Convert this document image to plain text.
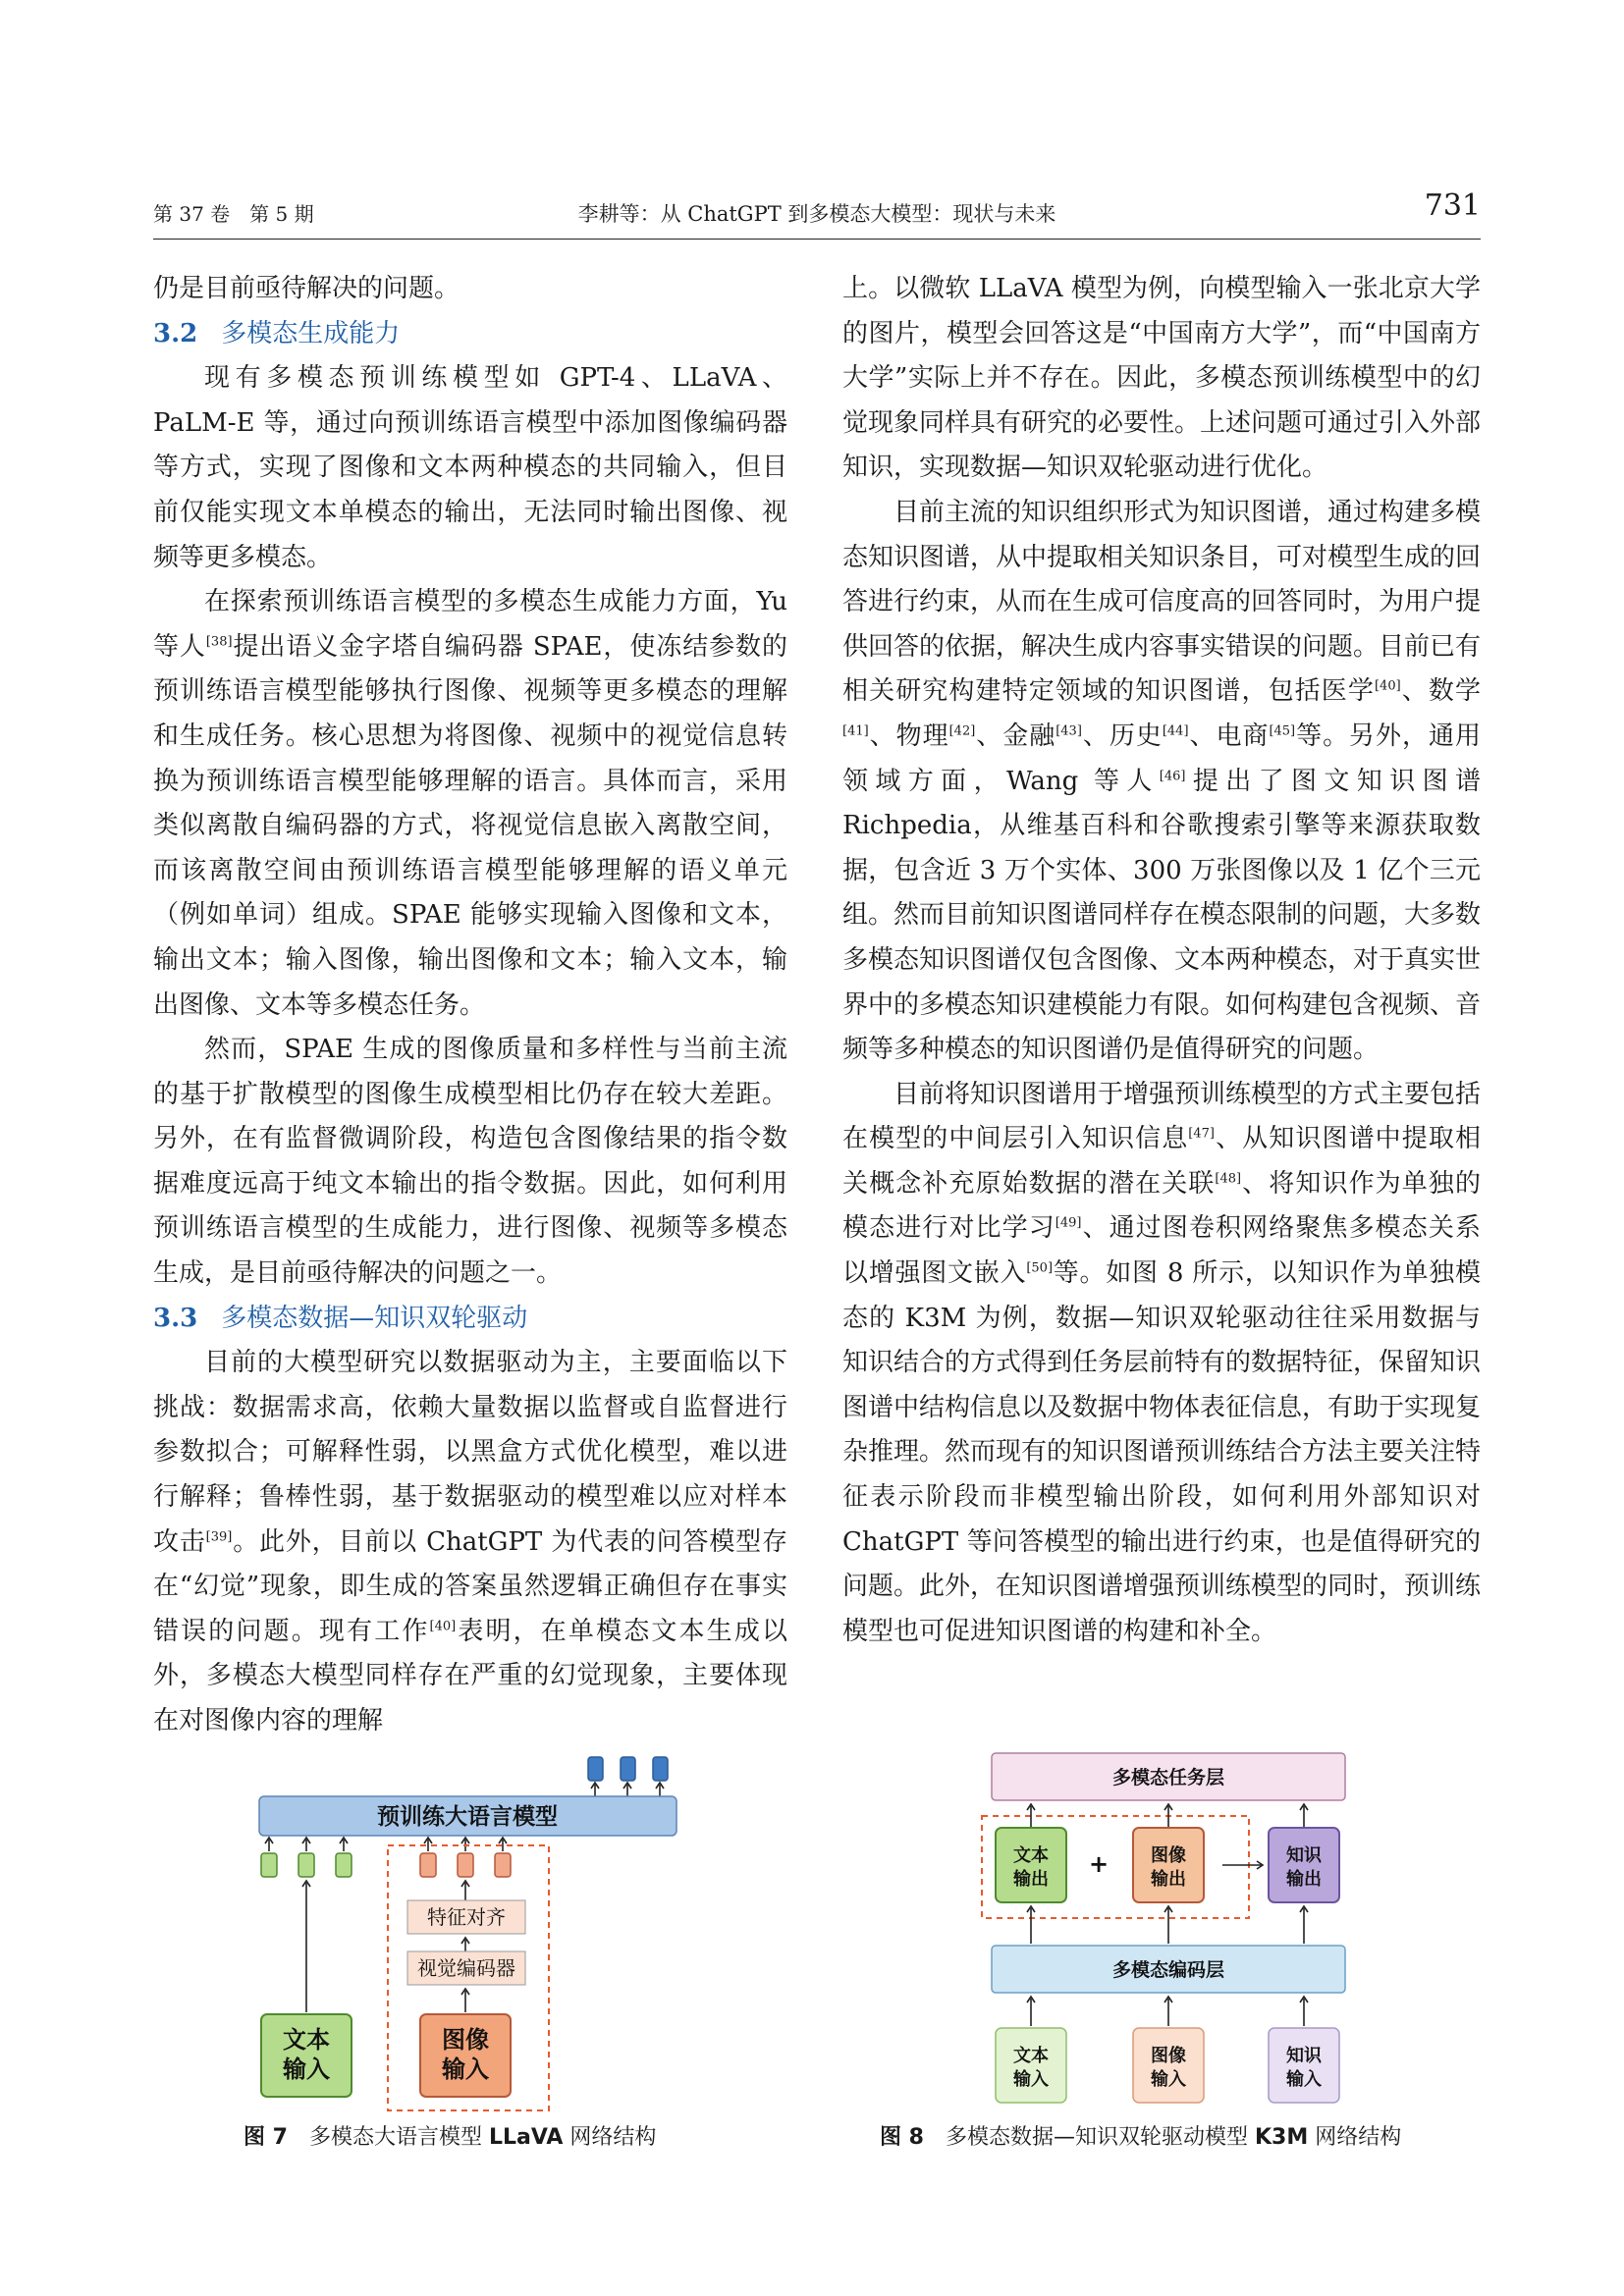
第 37 卷　第 5 期	李耕等：从 ChatGPT 到多模态大模型：现状与未来	731

仍是目前亟待解决的问题。

3.2 多模态生成能力

现有多模态预训练模型如 GPT-4、LLaVA、PaLM-E 等，通过向预训练语言模型中添加图像编码器等方式，实现了图像和文本两种模态的共同输入，但目前仅能实现文本单模态的输出，无法同时输出图像、视频等更多模态。

在探索预训练语言模型的多模态生成能力方面，Yu 等人[38]提出语义金字塔自编码器 SPAE，使冻结参数的预训练语言模型能够执行图像、视频等更多模态的理解和生成任务。核心思想为将图像、视频中的视觉信息转换为预训练语言模型能够理解的语言。具体而言，采用类似离散自编码器的方式，将视觉信息嵌入离散空间，而该离散空间由预训练语言模型能够理解的语义单元（例如单词）组成。SPAE 能够实现输入图像和文本，输出文本；输入图像，输出图像和文本；输入文本，输出图像、文本等多模态任务。

然而，SPAE 生成的图像质量和多样性与当前主流的基于扩散模型的图像生成模型相比仍存在较大差距。另外，在有监督微调阶段，构造包含图像结果的指令数据难度远高于纯文本输出的指令数据。因此，如何利用预训练语言模型的生成能力，进行图像、视频等多模态生成，是目前亟待解决的问题之一。

3.3 多模态数据—知识双轮驱动

目前的大模型研究以数据驱动为主，主要面临以下挑战：数据需求高，依赖大量数据以监督或自监督进行参数拟合；可解释性弱，以黑盒方式优化模型，难以进行解释；鲁棒性弱，基于数据驱动的模型难以应对样本攻击[39]。此外，目前以 ChatGPT 为代表的问答模型存在“幻觉”现象，即生成的答案虽然逻辑正确但存在事实错误的问题。现有工作[40]表明，在单模态文本生成以外，多模态大模型同样存在严重的幻觉现象，主要体现在对图像内容的理解

上。以微软 LLaVA 模型为例，向模型输入一张北京大学的图片，模型会回答这是“中国南方大学”，而“中国南方大学”实际上并不存在。因此，多模态预训练模型中的幻觉现象同样具有研究的必要性。上述问题可通过引入外部知识，实现数据—知识双轮驱动进行优化。

目前主流的知识组织形式为知识图谱，通过构建多模态知识图谱，从中提取相关知识条目，可对模型生成的回答进行约束，从而在生成可信度高的回答同时，为用户提供回答的依据，解决生成内容事实错误的问题。目前已有相关研究构建特定领域的知识图谱，包括医学[40]、数学[41]、物理[42]、金融[43]、历史[44]、电商[45]等。另外，通用领域方面，Wang 等人[46]提出了图文知识图谱 Richpedia，从维基百科和谷歌搜索引擎等来源获取数据，包含近 3 万个实体、300 万张图像以及 1 亿个三元组。然而目前知识图谱同样存在模态限制的问题，大多数多模态知识图谱仅包含图像、文本两种模态，对于真实世界中的多模态知识建模能力有限。如何构建包含视频、音频等多种模态的知识图谱仍是值得研究的问题。

目前将知识图谱用于增强预训练模型的方式主要包括在模型的中间层引入知识信息[47]、从知识图谱中提取相关概念补充原始数据的潜在关联[48]、将知识作为单独的模态进行对比学习[49]、通过图卷积网络聚焦多模态关系以增强图文嵌入[50]等。如图 8 所示，以知识作为单独模态的 K3M 为例，数据—知识双轮驱动往往采用数据与知识结合的方式得到任务层前特有的数据特征，保留知识图谱中结构信息以及数据中物体表征信息，有助于实现复杂推理。然而现有的知识图谱预训练结合方法主要关注特征表示阶段而非模型输出阶段，如何利用外部知识对 ChatGPT 等问答模型的输出进行约束，也是值得研究的问题。此外，在知识图谱增强预训练模型的同时，预训练模型也可促进知识图谱的构建和补全。

预训练大语言模型
特征对齐
视觉编码器
文本输入
图像输入
图 7　 多模态大语言模型 LLaVA 网络结构
多模态任务层
文本输出
+ 图像输出
知识输出
多模态编码层
文本输入
图像输入
知识输入
图 8　 多模态数据—知识双轮驱动模型 K3M 网络结构
